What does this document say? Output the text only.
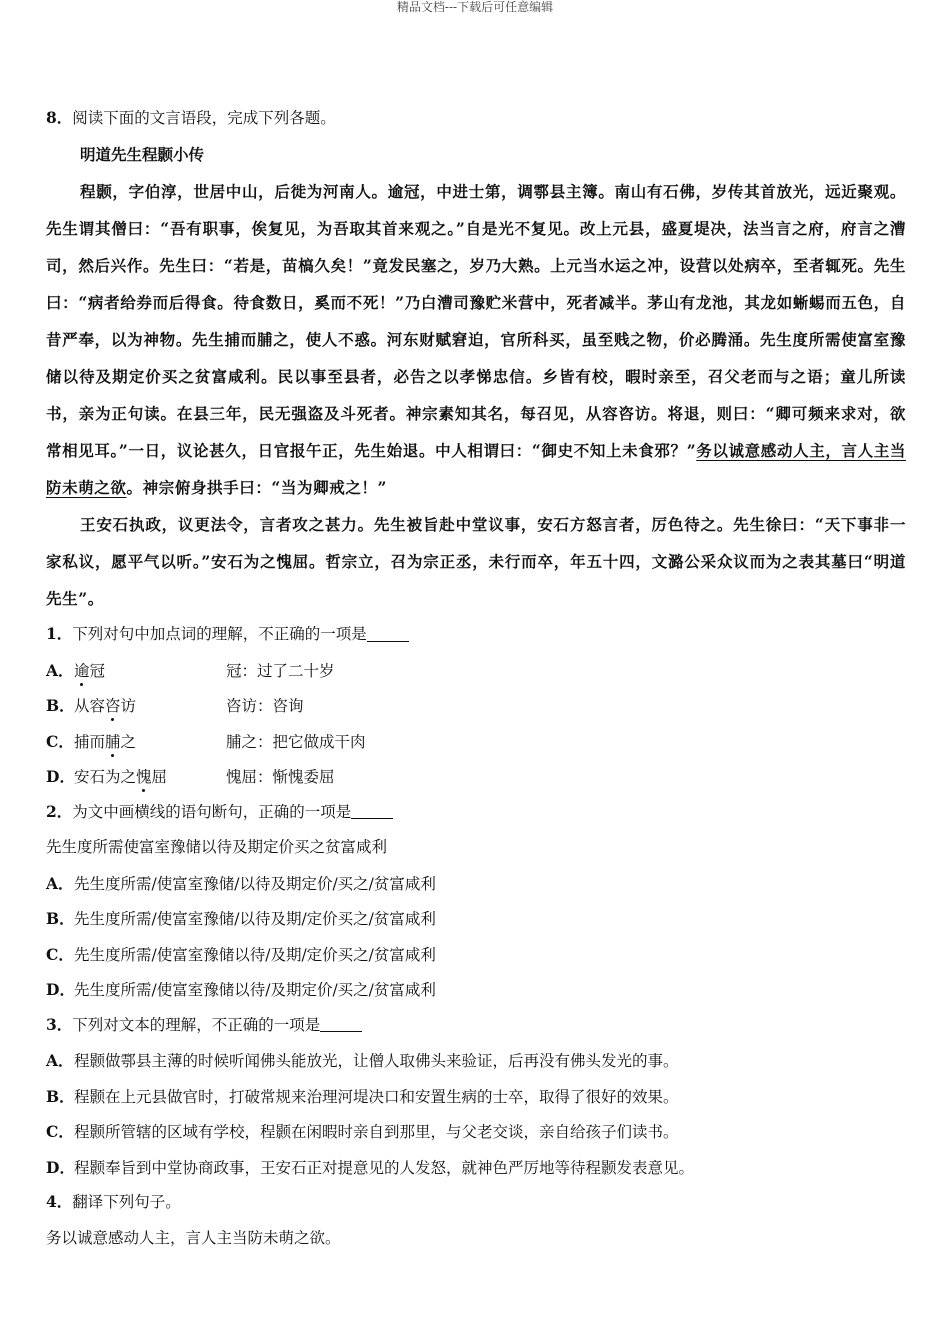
精品文档---下载后可任意编辑
8． 阅读下面的文言语段，完成下列各题。
明道先生程颢小传

程颢，字伯淳，世居中山，后徙为河南人。逾冠，中进士第，调鄠县主簿。南山有石佛，岁传其首放光，远近聚观。先生谓其僧曰：“吾有职事，俟复见，为吾取其首来观之。”自是光不复见。改上元县，盛夏堤决，法当言之府，府言之漕司，然后兴作。先生曰：“若是，苗槁久矣！”竟发民塞之，岁乃大熟。上元当水运之冲，设营以处病卒，至者辄死。先生曰：“病者给券而后得食。待食数日，奚而不死！”乃白漕司豫贮米营中，死者减半。茅山有龙池，其龙如蜥蜴而五色，自昔严奉，以为神物。先生捕而脯之，使人不惑。河东财赋窘迫，官所科买，虽至贱之物，价必腾涌。先生度所需使富室豫储以待及期定价买之贫富咸利。民以事至县者，必告之以孝悌忠信。乡皆有校，暇时亲至，召父老而与之语；童儿所读书，亲为正句读。在县三年，民无强盗及斗死者。神宗素知其名，每召见，从容咨访。将退，则曰：“卿可频来求对，欲常相见耳。”一日，议论甚久，日官报午正，先生始退。中人相谓曰：“御史不知上未食邪？”务以诚意感动人主，言人主当防未萌之欲。神宗俯身拱手曰：“当为卿戒之！”

王安石执政，议更法令，言者攻之甚力。先生被旨赴中堂议事，安石方怒言者，厉色待之。先生徐曰：“天下事非一家私议，愿平气以听。”安石为之愧屈。哲宗立，召为宗正丞，未行而卒，年五十四，文潞公采众议而为之表其墓曰“明道先生”。

1． 下列对句中加点词的理解，不正确的一项是
A． 逾冠	冠：过了二十岁
B． 从容咨访	咨访：咨询
C． 捕而脯之	脯之：把它做成干肉
D． 安石为之愧屈	愧屈：惭愧委屈
2． 为文中画横线的语句断句，正确的一项是
先生度所需使富室豫储以待及期定价买之贫富咸利
A． 先生度所需/使富室豫储/以待及期定价/买之/贫富咸利
B． 先生度所需/使富室豫储/以待及期/定价买之/贫富咸利
C． 先生度所需/使富室豫储以待/及期/定价买之/贫富咸利
D． 先生度所需/使富室豫储以待/及期定价/买之/贫富咸利
3． 下列对文本的理解，不正确的一项是
A． 程颢做鄠县主薄的时候听闻佛头能放光，让僧人取佛头来验证，后再没有佛头发光的事。
B． 程颢在上元县做官时，打破常规来治理河堤决口和安置生病的士卒，取得了很好的效果。
C． 程颢所管辖的区域有学校，程颢在闲暇时亲自到那里，与父老交谈，亲自给孩子们读书。
D． 程颢奉旨到中堂协商政事，王安石正对提意见的人发怒，就神色严厉地等待程颢发表意见。
4． 翻译下列句子。
务以诚意感动人主，言人主当防未萌之欲。
